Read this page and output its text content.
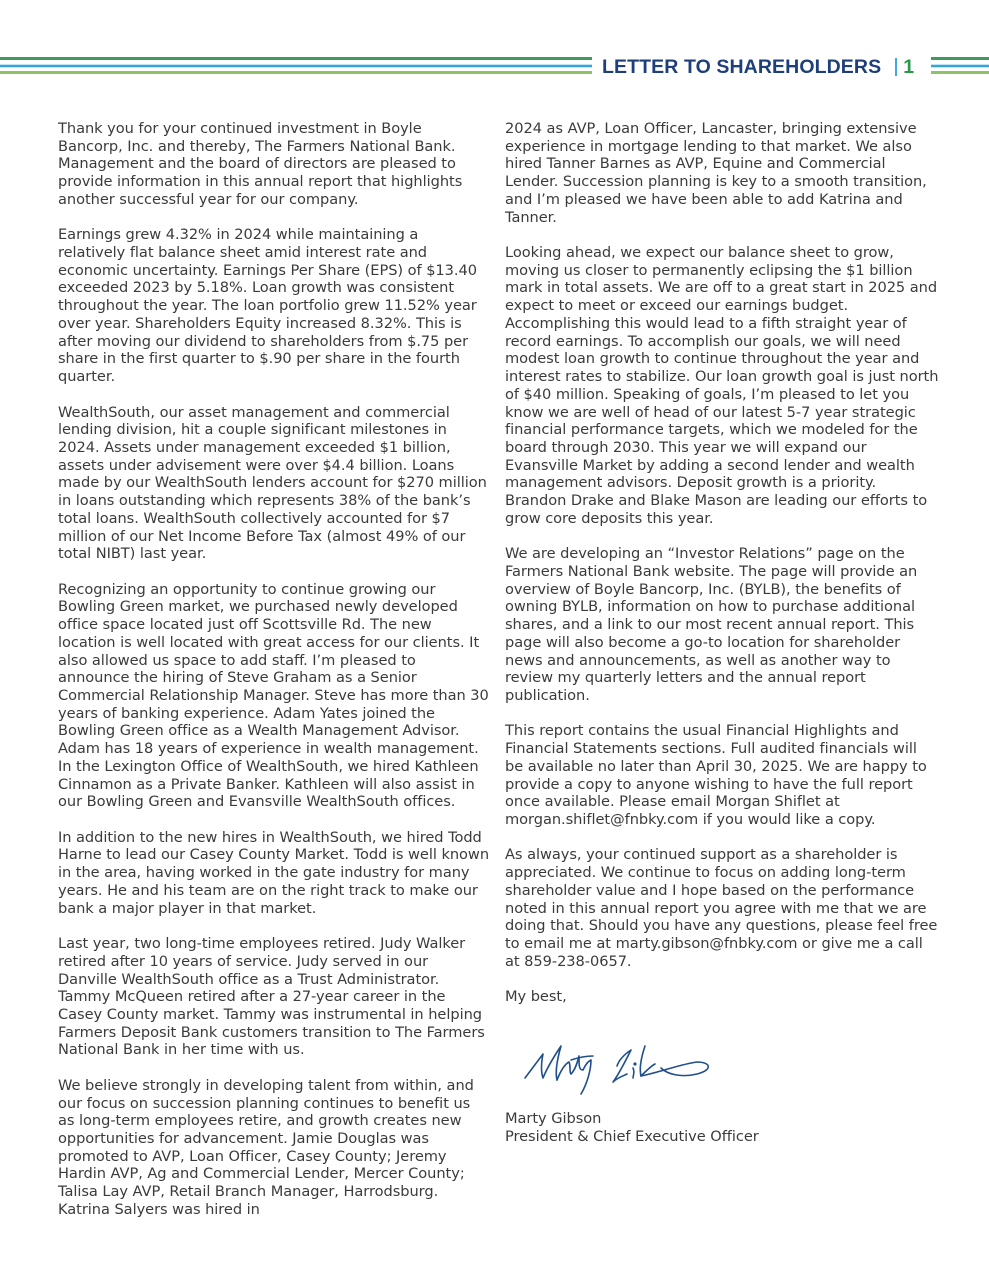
LETTER TO SHAREHOLDERS 1

Thank you for your continued investment in Boyle Bancorp, Inc. and thereby, The Farmers National Bank. Management and the board of directors are pleased to provide information in this annual report that highlights another successful year for our company.

Earnings grew 4.32% in 2024 while maintaining a relatively flat balance sheet amid interest rate and economic uncertainty. Earnings Per Share (EPS) of $13.40 exceeded 2023 by 5.18%. Loan growth was consistent throughout the year. The loan portfolio grew 11.52% year over year. Shareholders Equity increased 8.32%. This is after moving our dividend to shareholders from $.75 per share in the first quarter to $.90 per share in the fourth quarter.

WealthSouth, our asset management and commercial lending division, hit a couple significant milestones in 2024. Assets under management exceeded $1 billion, assets under advisement were over $4.4 billion. Loans made by our WealthSouth lenders account for $270 million in loans outstanding which represents 38% of the bank’s total loans. WealthSouth collectively accounted for $7 million of our Net Income Before Tax (almost 49% of our total NIBT) last year.

Recognizing an opportunity to continue growing our Bowling Green market, we purchased newly developed office space located just off Scottsville Rd. The new location is well located with great access for our clients. It also allowed us space to add staff. I’m pleased to announce the hiring of Steve Graham as a Senior Commercial Relationship Manager. Steve has more than 30 years of banking experience. Adam Yates joined the Bowling Green office as a Wealth Management Advisor. Adam has 18 years of experience in wealth management. In the Lexington Office of WealthSouth, we hired Kathleen Cinnamon as a Private Banker. Kathleen will also assist in our Bowling Green and Evansville WealthSouth offices.

In addition to the new hires in WealthSouth, we hired Todd Harne to lead our Casey County Market. Todd is well known in the area, having worked in the gate industry for many years. He and his team are on the right track to make our bank a major player in that market.

Last year, two long-time employees retired. Judy Walker retired after 10 years of service. Judy served in our Danville WealthSouth office as a Trust Administrator. Tammy McQueen retired after a 27-year career in the Casey County market. Tammy was instrumental in helping Farmers Deposit Bank customers transition to The Farmers National Bank in her time with us.

We believe strongly in developing talent from within, and our focus on succession planning continues to benefit us as long-term employees retire, and growth creates new opportunities for advancement. Jamie Douglas was promoted to AVP, Loan Officer, Casey County; Jeremy Hardin AVP, Ag and Commercial Lender, Mercer County; Talisa Lay AVP, Retail Branch Manager, Harrodsburg. Katrina Salyers was hired in

2024 as AVP, Loan Officer, Lancaster, bringing extensive experience in mortgage lending to that market. We also hired Tanner Barnes as AVP, Equine and Commercial Lender. Succession planning is key to a smooth transition, and I’m pleased we have been able to add Katrina and Tanner.

Looking ahead, we expect our balance sheet to grow, moving us closer to permanently eclipsing the $1 billion mark in total assets. We are off to a great start in 2025 and expect to meet or exceed our earnings budget. Accomplishing this would lead to a fifth straight year of record earnings. To accomplish our goals, we will need modest loan growth to continue throughout the year and interest rates to stabilize. Our loan growth goal is just north of $40 million. Speaking of goals, I’m pleased to let you know we are well of head of our latest 5-7 year strategic financial performance targets, which we modeled for the board through 2030. This year we will expand our Evansville Market by adding a second lender and wealth management advisors. Deposit growth is a priority. Brandon Drake and Blake Mason are leading our efforts to grow core deposits this year.

We are developing an “Investor Relations” page on the Farmers National Bank website. The page will provide an overview of Boyle Bancorp, Inc. (BYLB), the benefits of owning BYLB, information on how to purchase additional shares, and a link to our most recent annual report. This page will also become a go-to location for shareholder news and announcements, as well as another way to review my quarterly letters and the annual report publication.

This report contains the usual Financial Highlights and Financial Statements sections. Full audited financials will be available no later than April 30, 2025. We are happy to provide a copy to anyone wishing to have the full report once available. Please email Morgan Shiflet at morgan.shiflet@fnbky.com if you would like a copy.

As always, your continued support as a shareholder is appreciated. We continue to focus on adding long-term shareholder value and I hope based on the performance noted in this annual report you agree with me that we are doing that. Should you have any questions, please feel free to email me at marty.gibson@fnbky.com or give me a call at 859-238-0657.

My best,

Marty Gibson
President & Chief Executive Officer
